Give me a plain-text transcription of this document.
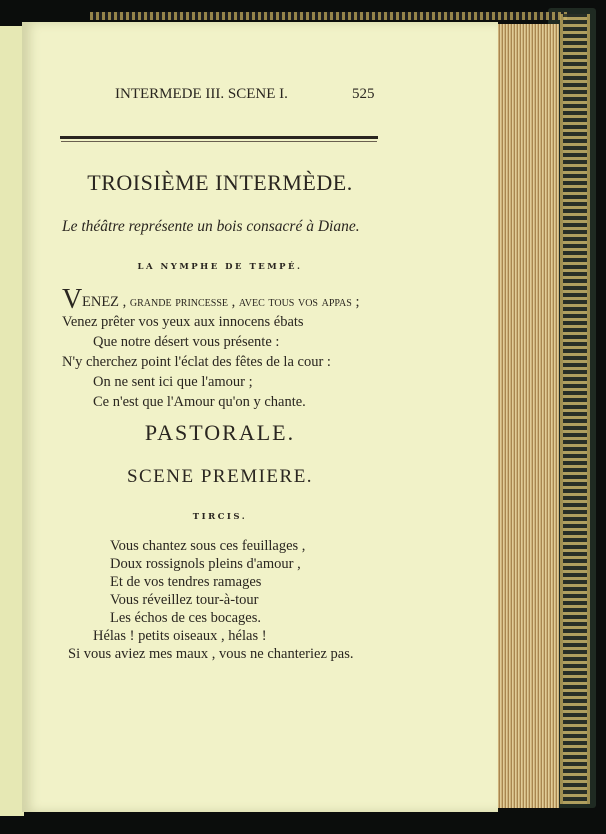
INTERMEDE III. SCENE I.	525
TROISIÈME INTERMÈDE.
Le théâtre représente un bois consacré à Diane.
LA NYMPHE DE TEMPÉ.
V ENEZ , grande princesse , avec tous vos appas ;
Venez prêter vos yeux aux innocens ébats
Que notre désert vous présente :
N'y cherchez point l'éclat des fêtes de la cour :
On ne sent ici que l'amour ;
Ce n'est que l'Amour qu'on y chante.
PASTORALE.
SCENE PREMIERE.
TIRCIS.
Vous chantez sous ces feuillages ,
Doux rossignols pleins d'amour ,
Et de vos tendres ramages
Vous réveillez tour-à-tour
Les échos de ces bocages.
Hélas ! petits oiseaux , hélas !
Si vous aviez mes maux , vous ne chanteriez pas.
